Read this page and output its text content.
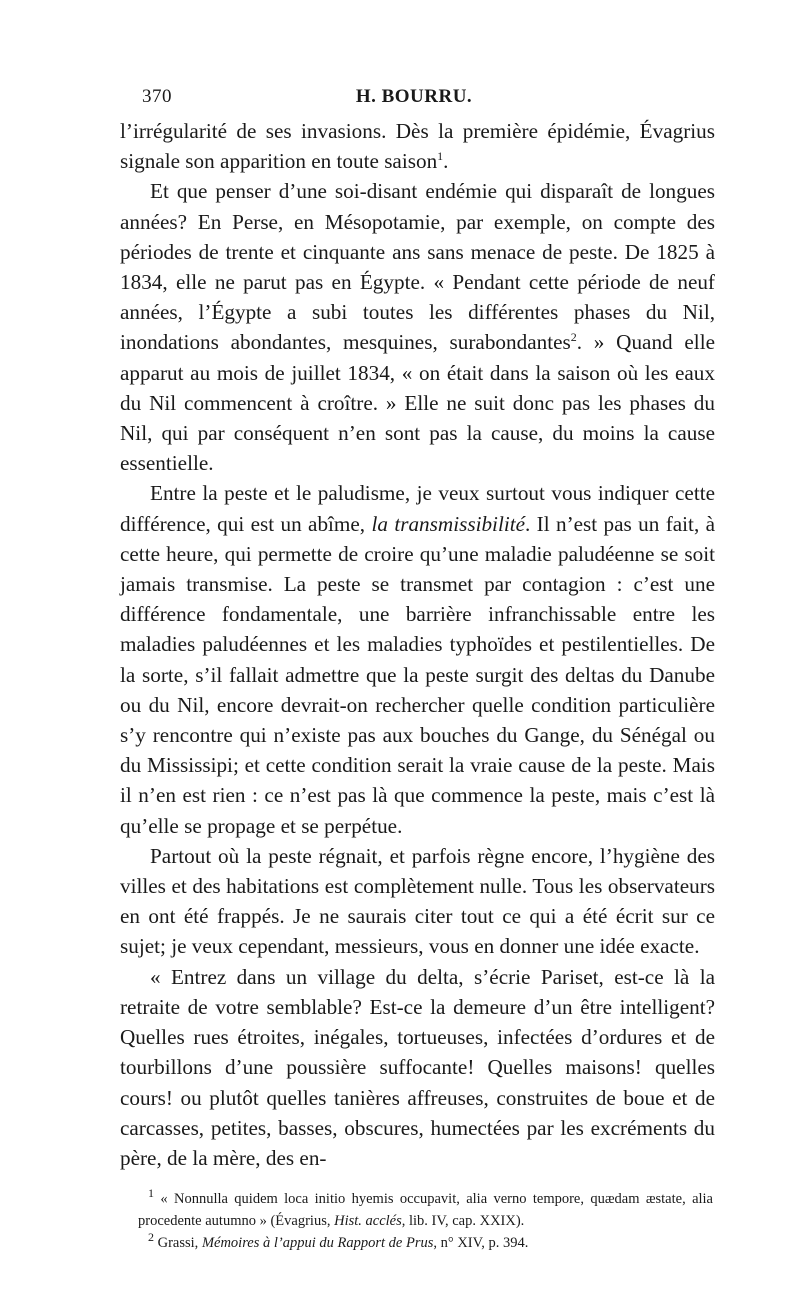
370	H. BOURRU.

l’irrégularité de ses invasions. Dès la première épidémie, Évagrius signale son apparition en toute saison$^1$.

Et que penser d’une soi-disant endémie qui disparaît de longues années? En Perse, en Mésopotamie, par exemple, on compte des périodes de trente et cinquante ans sans menace de peste. De 1825 à 1834, elle ne parut pas en Égypte. « Pendant cette période de neuf années, l’Égypte a subi toutes les différentes phases du Nil, inondations abondantes, mesquines, surabondantes$^2$. » Quand elle apparut au mois de juillet 1834, « on était dans la saison où les eaux du Nil commencent à croître. » Elle ne suit donc pas les phases du Nil, qui par conséquent n’en sont pas la cause, du moins la cause essentielle.

Entre la peste et le paludisme, je veux surtout vous indiquer cette différence, qui est un abîme, la transmissibilité. Il n’est pas un fait, à cette heure, qui permette de croire qu’une maladie paludéenne se soit jamais transmise. La peste se transmet par contagion : c’est une différence fondamentale, une barrière infranchissable entre les maladies paludéennes et les maladies typhoïdes et pestilentielles. De la sorte, s’il fallait admettre que la peste surgit des deltas du Danube ou du Nil, encore devrait-on rechercher quelle condition particulière s’y rencontre qui n’existe pas aux bouches du Gange, du Sénégal ou du Mississipi; et cette condition serait la vraie cause de la peste. Mais il n’en est rien : ce n’est pas là que commence la peste, mais c’est là qu’elle se propage et se perpétue.

Partout où la peste régnait, et parfois règne encore, l’hygiène des villes et des habitations est complètement nulle. Tous les observateurs en ont été frappés. Je ne saurais citer tout ce qui a été écrit sur ce sujet; je veux cependant, messieurs, vous en donner une idée exacte.

« Entrez dans un village du delta, s’écrie Pariset, est-ce là la retraite de votre semblable? Est-ce la demeure d’un être intelligent? Quelles rues étroites, inégales, tortueuses, infectées d’ordures et de tourbillons d’une poussière suffocante! Quelles maisons! quelles cours! ou plutôt quelles tanières affreuses, construites de boue et de carcasses, petites, basses, obscures, humectées par les excréments du père, de la mère, des en-

$^1$ « Nonnulla quidem loca initio hyemis occupavit, alia verno tempore, quædam æstate, alia procedente autumno » (Évagrius, Hist. acclés, lib. IV, cap. XXIX).

$^2$ Grassi, Mémoires à l’appui du Rapport de Prus, n° XIV, p. 394.
